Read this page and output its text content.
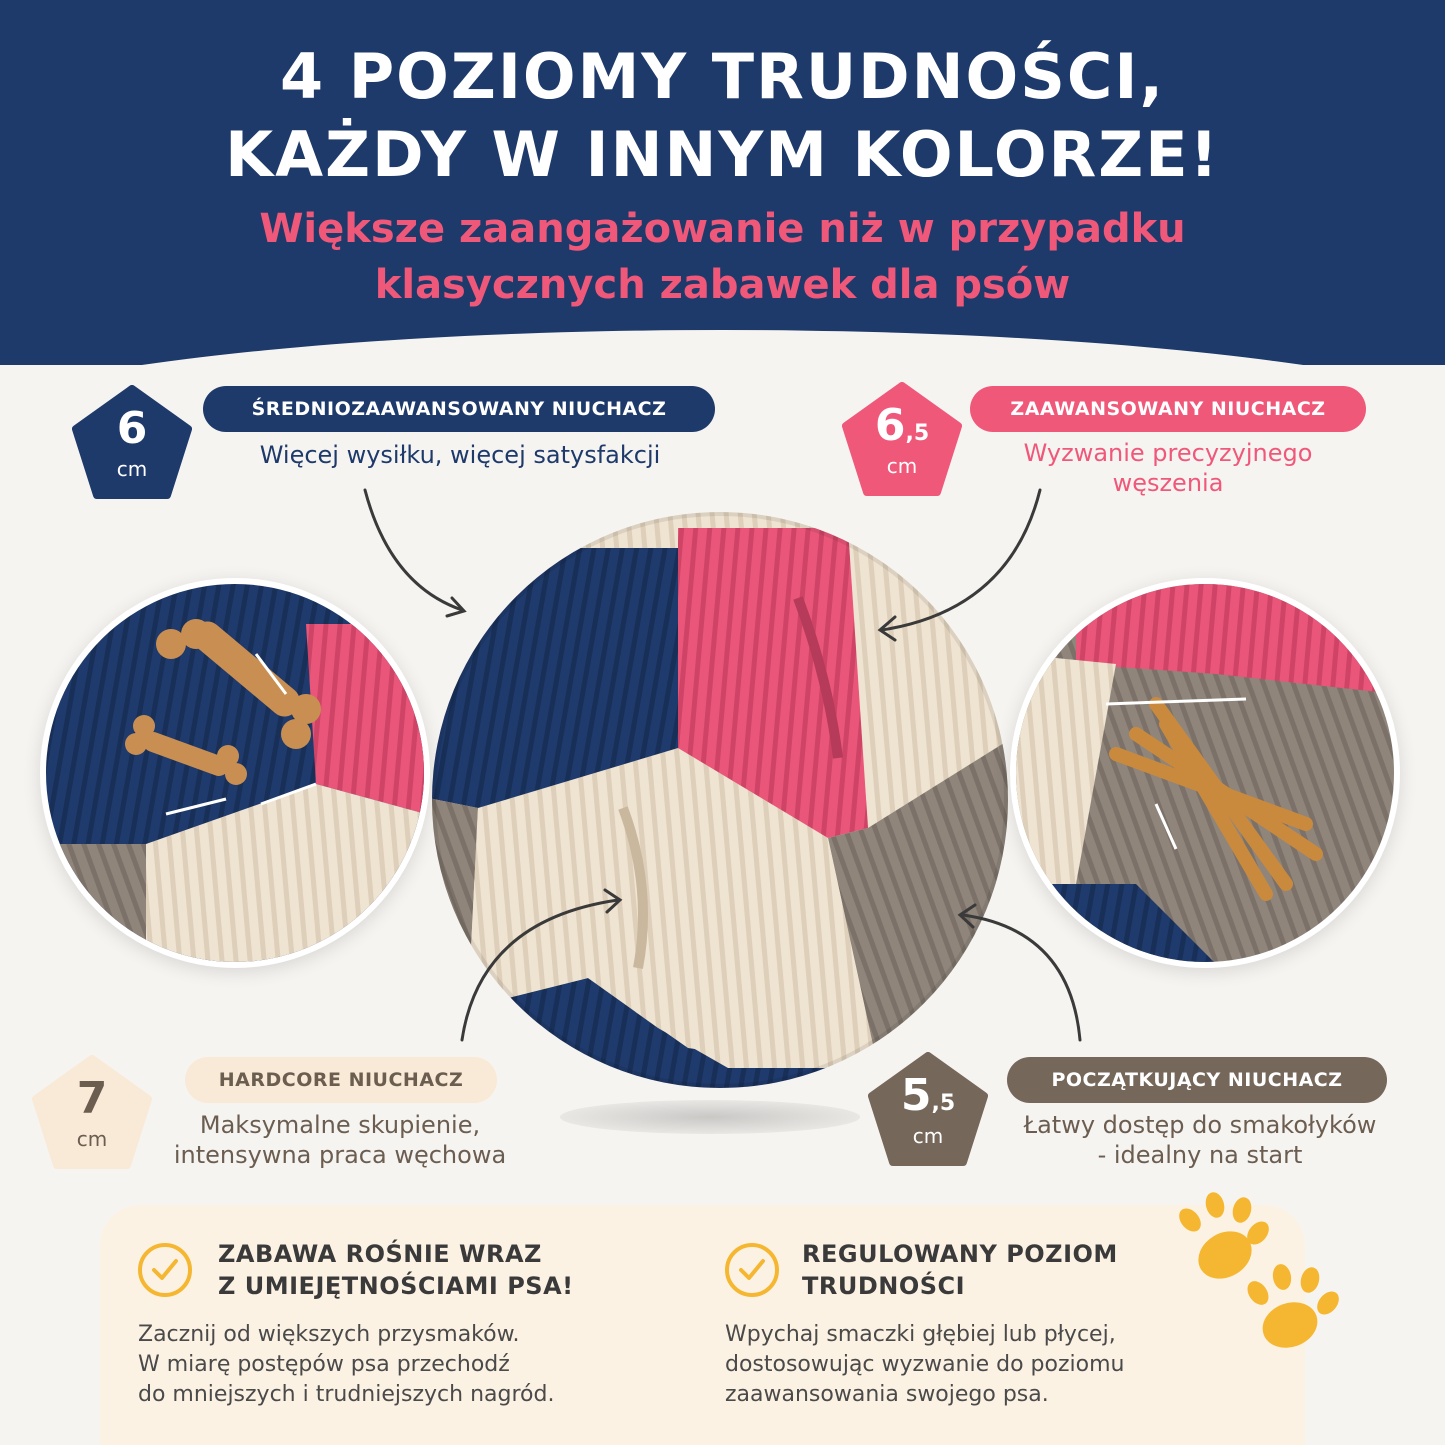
4 POZIOMY TRUDNOŚCI,
KAŻDY W INNYM KOLORZE!
Większe zaangażowanie niż w przypadku
klasycznych zabawek dla psów
6
cm
ŚREDNIOZAAWANSOWANY NIUCHACZ
Więcej wysiłku, więcej satysfakcji
6,5
cm
ZAAWANSOWANY NIUCHACZ
Wyzwanie precyzyjnego
węszenia
7
cm
HARDCORE NIUCHACZ
Maksymalne skupienie,
intensywna praca węchowa
5,5
cm
POCZĄTKUJĄCY NIUCHACZ
Łatwy dostęp do smakołyków
- idealny na start
ZABAWA ROŚNIE WRAZ
Z UMIEJĘTNOŚCIAMI PSA!
Zacznij od większych przysmaków.
W miarę postępów psa przechodź
do mniejszych i trudniejszych nagród.
REGULOWANY POZIOM
TRUDNOŚCI
Wpychaj smaczki głębiej lub płycej,
dostosowując wyzwanie do poziomu
zaawansowania swojego psa.
